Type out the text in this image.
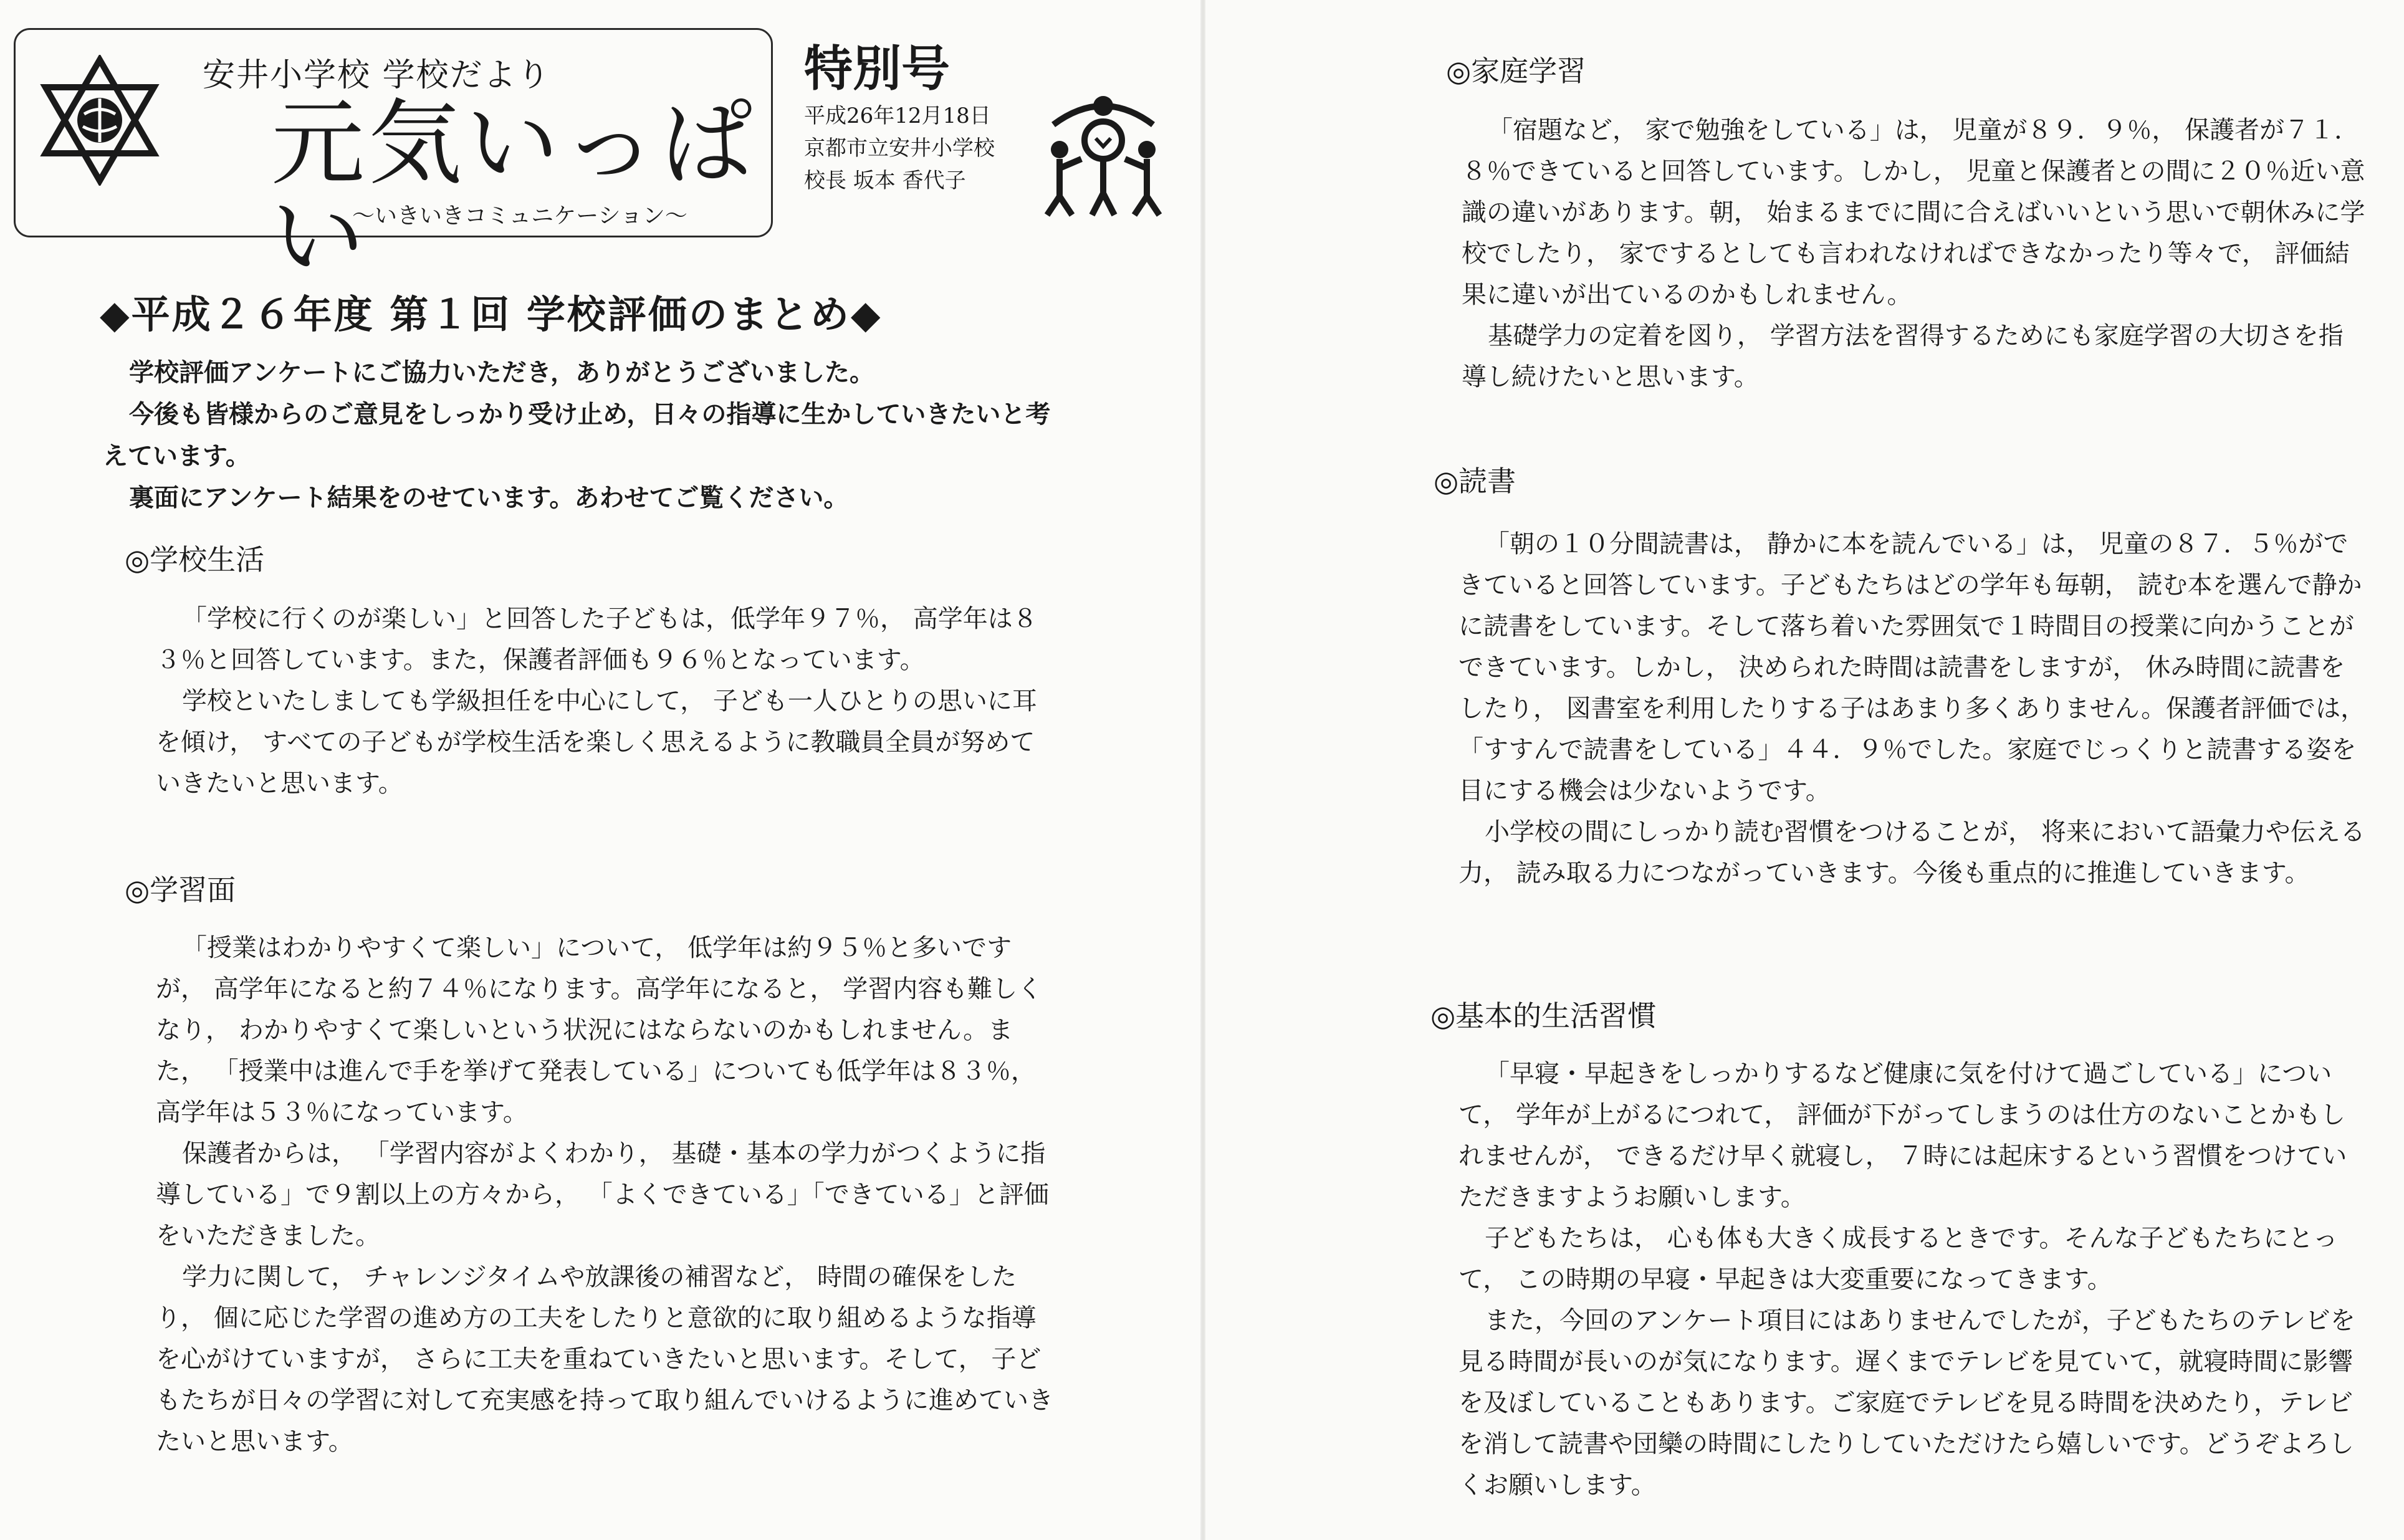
安井小学校 学校だより
元気いっぱい
〜いきいきコミュニケーション〜
特別号
平成26年12月18日
京都市立安井小学校
校長 坂本 香代子
◆平成２６年度 第１回 学校評価のまとめ◆

学校評価アンケートにご協力いただき，ありがとうございました。

今後も皆様からのご意見をしっかり受け止め，日々の指導に生かしていきたいと考えています。

裏面にアンケート結果をのせています。あわせてご覧ください。

◎学校生活

「学校に行くのが楽しい」と回答した子どもは，低学年９７％， 高学年は８３％と回答しています。また，保護者評価も９６％となっています。

学校といたしましても学級担任を中心にして， 子ども一人ひとりの思いに耳を傾け， すべての子どもが学校生活を楽しく思えるように教職員全員が努めていきたいと思います。

◎学習面

「授業はわかりやすくて楽しい」について， 低学年は約９５％と多いですが， 高学年になると約７４％になります。高学年になると， 学習内容も難しくなり， わかりやすくて楽しいという状況にはならないのかもしれません。また， 「授業中は進んで手を挙げて発表している」についても低学年は８３％， 高学年は５３％になっています。

保護者からは， 「学習内容がよくわかり， 基礎・基本の学力がつくように指導している」で９割以上の方々から， 「よくできている」「できている」と評価をいただきました。

学力に関して， チャレンジタイムや放課後の補習など， 時間の確保をしたり， 個に応じた学習の進め方の工夫をしたりと意欲的に取り組めるような指導を心がけていますが， さらに工夫を重ねていきたいと思います。そして， 子どもたちが日々の学習に対して充実感を持って取り組んでいけるように進めていきたいと思います。

◎家庭学習

「宿題など， 家で勉強をしている」は， 児童が８９．９％， 保護者が７１．８％できていると回答しています。しかし， 児童と保護者との間に２０％近い意識の違いがあります。朝， 始まるまでに間に合えばいいという思いで朝休みに学校でしたり， 家でするとしても言われなければできなかったり等々で， 評価結果に違いが出ているのかもしれません。

基礎学力の定着を図り， 学習方法を習得するためにも家庭学習の大切さを指導し続けたいと思います。

◎読書

「朝の１０分間読書は， 静かに本を読んでいる」は， 児童の８７．５％ができていると回答しています。子どもたちはどの学年も毎朝， 読む本を選んで静かに読書をしています。そして落ち着いた雰囲気で１時間目の授業に向かうことができています。しかし， 決められた時間は読書をしますが， 休み時間に読書をしたり， 図書室を利用したりする子はあまり多くありません。保護者評価では， 「すすんで読書をしている」４４．９％でした。家庭でじっくりと読書する姿を目にする機会は少ないようです。

小学校の間にしっかり読む習慣をつけることが， 将来において語彙力や伝える力， 読み取る力につながっていきます。今後も重点的に推進していきます。

◎基本的生活習慣

「早寝・早起きをしっかりするなど健康に気を付けて過ごしている」について， 学年が上がるにつれて， 評価が下がってしまうのは仕方のないことかもしれませんが， できるだけ早く就寝し， ７時には起床するという習慣をつけていただきますようお願いします。

子どもたちは， 心も体も大きく成長するときです。そんな子どもたちにとって， この時期の早寝・早起きは大変重要になってきます。

また，今回のアンケート項目にはありませんでしたが，子どもたちのテレビを見る時間が長いのが気になります。遅くまでテレビを見ていて，就寝時間に影響を及ぼしていることもあります。ご家庭でテレビを見る時間を決めたり，テレビを消して読書や団欒の時間にしたりしていただけたら嬉しいです。どうぞよろしくお願いします。
